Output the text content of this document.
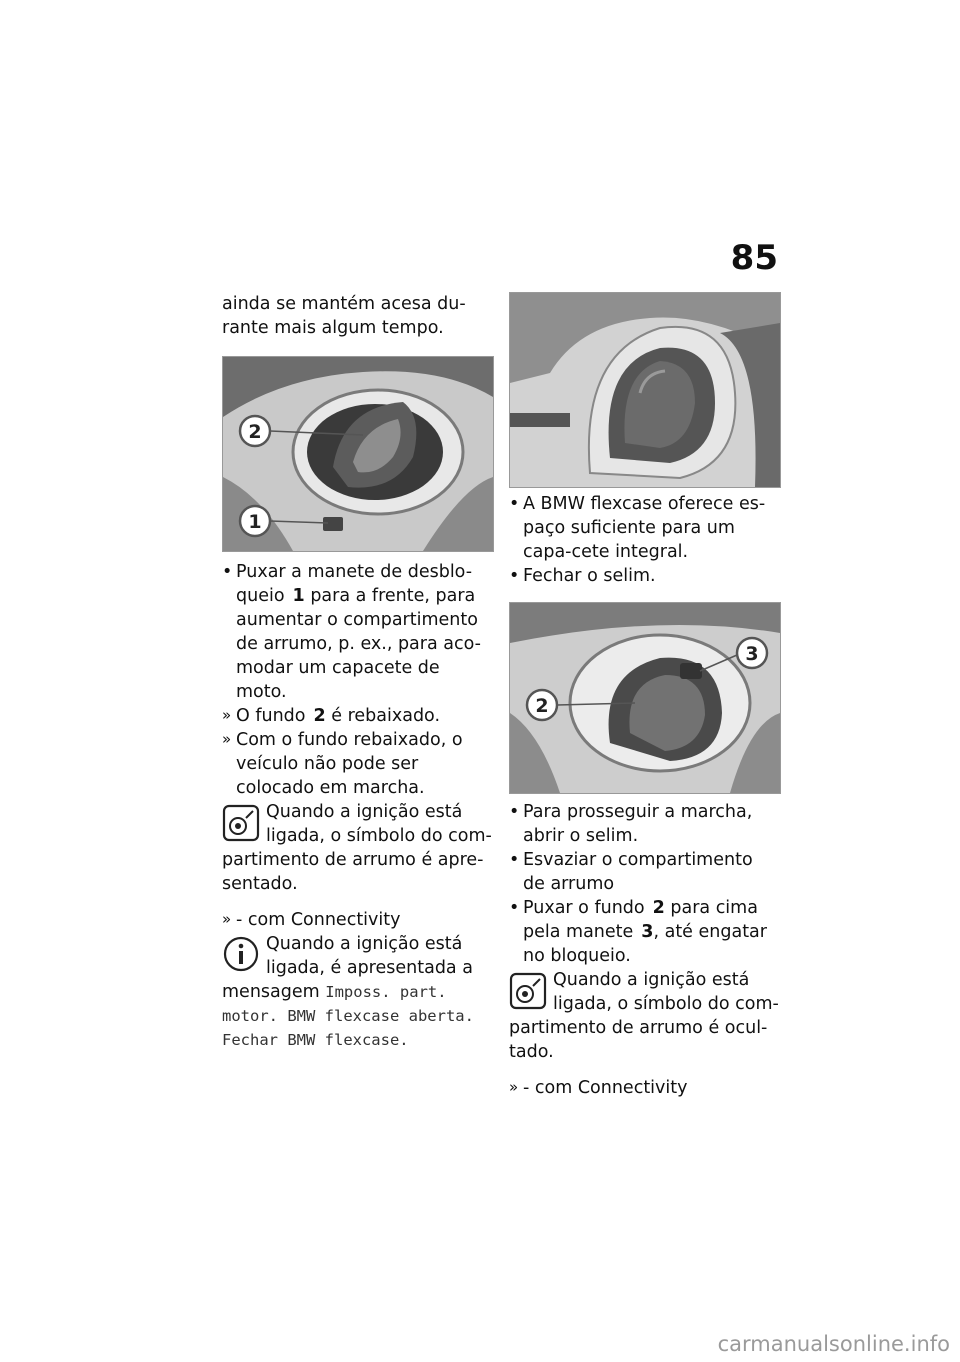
85

ainda se mantém acesa du-rante mais algum tempo.

2
1

• Puxar a manete de desblo-queio 1 para a frente, para aumentar o compartimento de arrumo, p. ex., para aco-modar um capacete de moto.

» O fundo 2 é rebaixado.

» Com o fundo rebaixado, o veículo não pode ser colocado em marcha.

Quando a ignição está ligada, o símbolo do com-partimento de arrumo é apre-sentado.

» - com Connectivity

Quando a ignição está ligada, é apresentada a mensagem Imposs. part. motor. BMW flexcase aberta. Fechar BMW flexcase.

• A BMW flexcase oferece es-paço suficiente para um capa-cete integral.

• Fechar o selim.

3
2

• Para prosseguir a marcha, abrir o selim.

• Esvaziar o compartimento de arrumo

• Puxar o fundo 2 para cima pela manete 3, até engatar no bloqueio.

Quando a ignição está ligada, o símbolo do com-partimento de arrumo é ocul-tado.

» - com Connectivity

carmanualsonline.info
